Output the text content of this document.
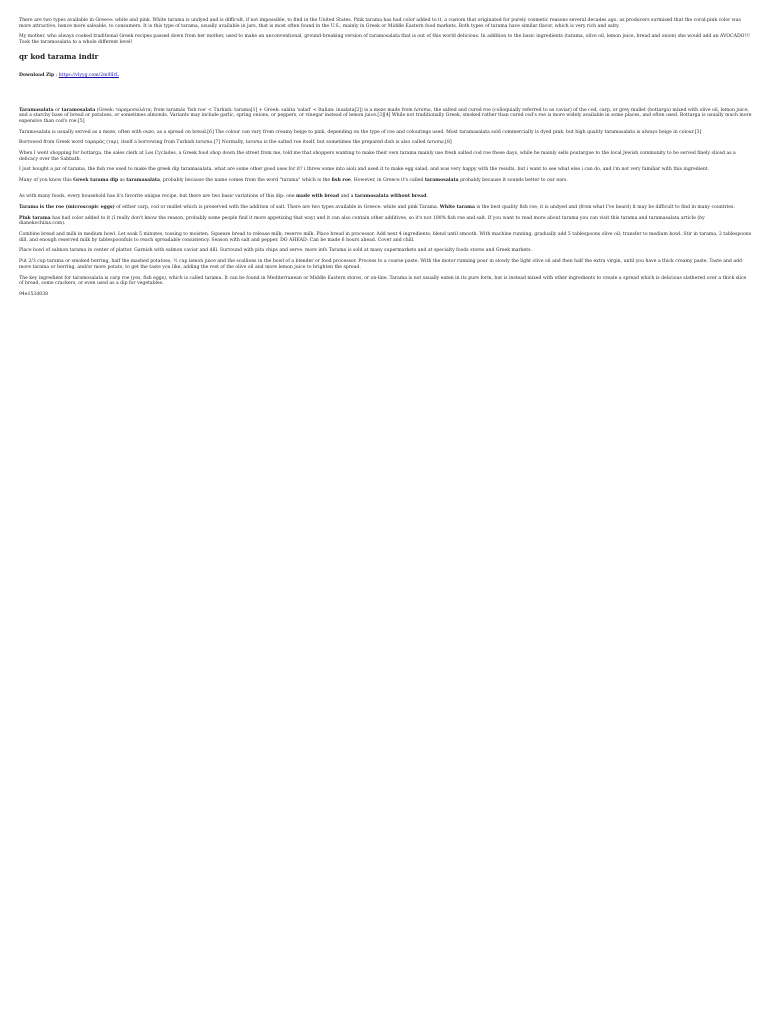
There are two types available in Greece: white and pink. White tarama is undyed and is difficult, if not impossible, to find in the United States. Pink tarama has had color added to it, a custom that originated for purely cosmetic reasons several decades ago, as producers surmised that the coral-pink color was more attractive, hence more saleable, to consumers. It is this type of tarama, usually available in jars, that is most often found in the U.S., mainly in Greek or Middle Eastern food markets. Both types of tarama have similar flavor, which is very rich and salty.

My mother, who always cooked traditional Greek recipes passed down from her mother, used to make an unconventional, ground-breaking version of taramosalata that is out of this world delicious. In addition to the basic ingredients (tarama, olive oil, lemon juice, bread and onion) she would add an AVOCADO!!! Took the taramosalata to a whole different level!

qr kod tarama indir
Download Zip : https://vlyyg.com/2m9lIrL

Taramasalata or taramosalata (Greek: ταραμοσαλάτα; from taramás 'fish roe' < Turkish: tarama[1] + Greek: saláta 'salad' < Italian: insalata[2]) is a meze made from tarama, the salted and cured roe (colloquially referred to as caviar) of the cod, carp, or grey mullet (bottarga) mixed with olive oil, lemon juice, and a starchy base of bread or potatoes, or sometimes almonds. Variants may include garlic, spring onions, or peppers, or vinegar instead of lemon juice.[3][4] While not traditionally Greek, smoked rather than cured cod's roe is more widely available in some places, and often used. Bottarga is usually much more expensive than cod's roe.[5]

Taramosalata is usually served as a meze, often with ouzo, as a spread on bread.[6] The colour can vary from creamy beige to pink, depending on the type of roe and colourings used. Most taramasalata sold commercially is dyed pink, but high quality taramasalata is always beige in colour.[3]

Borrowed from Greek word ταραμάς (ταρ), itself a borrowing from Turkish tarama.[7] Normally, tarama is the salted roe itself, but sometimes the prepared dish is also called tarama.[8]

When I went shopping for bottarga, the sales clerk at Les Cyclades, a Greek food shop down the street from me, told me that shoppers wanting to make their own tarama mainly use fresh salted cod roe these days, while he mainly sells poutargue to the local Jewish community to be served finely sliced as a delicacy over the Sabbath.

I just bought a jar of tarama, the fish roe used to make the greek dip taramasalata. what are some other good uses for it? i threw some into aioli and used it to make egg salad, and was very happy with the results, but i want to see what else i can do, and i'm not very familiar with this ingredient.

Many of you know this Greek tarama dip as taramasalata, probably because the name comes from the word "tarama" which is the fish roe. However, in Greece it's called taramosalata probably because it sounds better to our ears.

As with many foods, every household has it's favorite unique recipe, but there are two basic variations of this dip: one made with bread and a taramosalata without bread.

Tarama is the roe (microscopic eggs) of either carp, cod or mullet which is preserved with the addition of salt. There are two types available in Greece: white and pink Tarama. White tarama is the best quality fish roe, it is undyed and (from what I've heard) it may be difficult to find in many countries.

Pink tarama has had color added to it (I really don't know the reason, probably some people find it more appetizing that way) and it can also contain other additives, so it's not 100% fish roe and salt. If you want to read more about tarama you can visit this tarama and taramasalata article (by dianekochilas.com).

Combine bread and milk in medium bowl. Let soak 5 minutes, tossing to moisten. Squeeze bread to release milk; reserve milk. Place bread in processor. Add next 4 ingredients; blend until smooth. With machine running, gradually add 5 tablespoons olive oil; transfer to medium bowl. Stir in tarama, 2 tablespoons dill, and enough reserved milk by tablespoonfuls to reach spreadable consistency. Season with salt and pepper. DO AHEAD: Can be made 6 hours ahead. Cover and chill.

Place bowl of salmon tarama in center of platter. Garnish with salmon caviar and dill. Surround with pita chips and serve. more info Tarama is sold at many supermarkets and at specialty foods stores and Greek markets.

Put 2/3 cup tarama or smoked herring, half the mashed potatoes, ½ cup lemon juice and the scallions in the bowl of a blender or food processor. Process to a coarse paste. With the motor running pour in slowly the light olive oil and then half the extra virgin, until you have a thick creamy paste. Taste and add more tarama or herring, and/or more potato, to get the taste you like, adding the rest of the olive oil and more lemon juice to brighten the spread.

The key ingredient for taramosalata is carp roe (yes, fish eggs), which is called tarama. It can be found in Mediterranean or Middle Eastern stores, or on-line. Tarama is not usually eaten in its pure form, but is instead mixed with other ingredients to create a spread which is delicious slathered over a thick slice of bread, some crackers, or even used as a dip for vegetables.

94e153d038
